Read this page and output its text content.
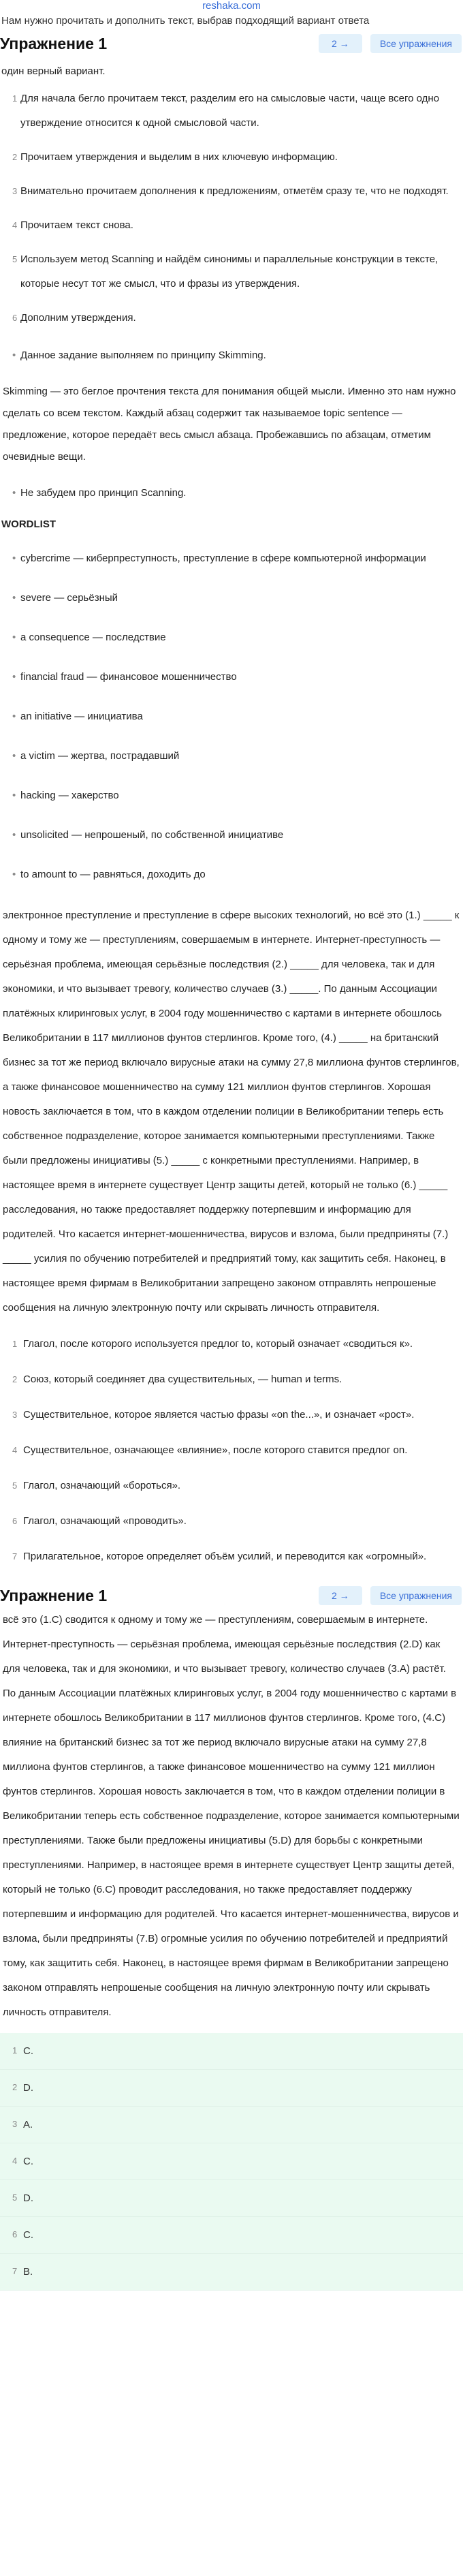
reshaka.com
Нам нужно прочитать и дополнить текст, выбрав подходящий вариант ответа
Упражнение 1	2 →	Все упражнения
один верный вариант.
1 Для начала бегло прочитаем текст, разделим его на смысловые части, чаще всего одно утверждение относится к одной смысловой части.
2 Прочитаем утверждения и выделим в них ключевую информацию.
3 Внимательно прочитаем дополнения к предложениям, отметём сразу те, что не подходят.
4 Прочитаем текст снова.
5 Используем метод Scanning и найдём синонимы и параллельные конструкции в тексте, которые несут тот же смысл, что и фразы из утверждения.
6 Дополним утверждения.
• Данное задание выполняем по принципу Skimming.
Skimming — это беглое прочтения текста для понимания общей мысли. Именно это нам нужно сделать со всем текстом. Каждый абзац содержит так называемое topic sentence — предложение, которое передаёт весь смысл абзаца. Пробежавшись по абзацам, отметим очевидные вещи.
• Не забудем про принцип Scanning.
WORDLIST
• cybercrime — киберпреступность, преступление в сфере компьютерной информации
• severe — серьёзный
• a consequence — последствие
• financial fraud — финансовое мошенничество
• an initiative — инициатива
• a victim — жертва, пострадавший
• hacking — хакерство
• unsolicited — непрошеный, по собственной инициативе
• to amount to — равняться, доходить до
электронное преступление и преступление в сфере высоких технологий, но всё это (1.) _____ к одному и тому же — преступлениям, совершаемым в интернете. Интернет-преступность — серьёзная проблема, имеющая серьёзные последствия (2.) _____ для человека, так и для экономики, и что вызывает тревогу, количество случаев (3.) _____. По данным Ассоциации платёжных клиринговых услуг, в 2004 году мошенничество с картами в интернете обошлось Великобритании в 117 миллионов фунтов стерлингов. Кроме того, (4.) _____ на британский бизнес за тот же период включало вирусные атаки на сумму 27,8 миллиона фунтов стерлингов, а также финансовое мошенничество на сумму 121 миллион фунтов стерлингов. Хорошая новость заключается в том, что в каждом отделении полиции в Великобритании теперь есть собственное подразделение, которое занимается компьютерными преступлениями. Также были предложены инициативы (5.) _____ с конкретными преступлениями. Например, в настоящее время в интернете существует Центр защиты детей, который не только (6.) _____ расследования, но также предоставляет поддержку потерпевшим и информацию для родителей. Что касается интернет-мошенничества, вирусов и взлома, были предприняты (7.) _____ усилия по обучению потребителей и предприятий тому, как защитить себя. Наконец, в настоящее время фирмам в Великобритании запрещено законом отправлять непрошеные сообщения на личную электронную почту или скрывать личность отправителя.
1 Глагол, после которого используется предлог to, который означает «сводиться к».
2 Союз, который соединяет два существительных, — human и terms.
3 Существительное, которое является частью фразы «on the...», и означает «рост».
4 Существительное, означающее «влияние», после которого ставится предлог on.
5 Глагол, означающий «бороться».
6 Глагол, означающий «проводить».
7 Прилагательное, которое определяет объём усилий, и переводится как «огромный».
Упражнение 1	2 →	Все упражнения
всё это (1.C) сводится к одному и тому же — преступлениям, совершаемым в интернете. Интернет-преступность — серьёзная проблема, имеющая серьёзные последствия (2.D) как для человека, так и для экономики, и что вызывает тревогу, количество случаев (3.A) растёт. По данным Ассоциации платёжных клиринговых услуг, в 2004 году мошенничество с картами в интернете обошлось Великобритании в 117 миллионов фунтов стерлингов. Кроме того, (4.C) влияние на британский бизнес за тот же период включало вирусные атаки на сумму 27,8 миллиона фунтов стерлингов, а также финансовое мошенничество на сумму 121 миллион фунтов стерлингов. Хорошая новость заключается в том, что в каждом отделении полиции в Великобритании теперь есть собственное подразделение, которое занимается компьютерными преступлениями. Также были предложены инициативы (5.D) для борьбы с конкретными преступлениями. Например, в настоящее время в интернете существует Центр защиты детей, который не только (6.C) проводит расследования, но также предоставляет поддержку потерпевшим и информацию для родителей. Что касается интернет-мошенничества, вирусов и взлома, были предприняты (7.B) огромные усилия по обучению потребителей и предприятий тому, как защитить себя. Наконец, в настоящее время фирмам в Великобритании запрещено законом отправлять непрошеные сообщения на личную электронную почту или скрывать личность отправителя.
1 C.
2 D.
3 A.
4 C.
5 D.
6 C.
7 B.
